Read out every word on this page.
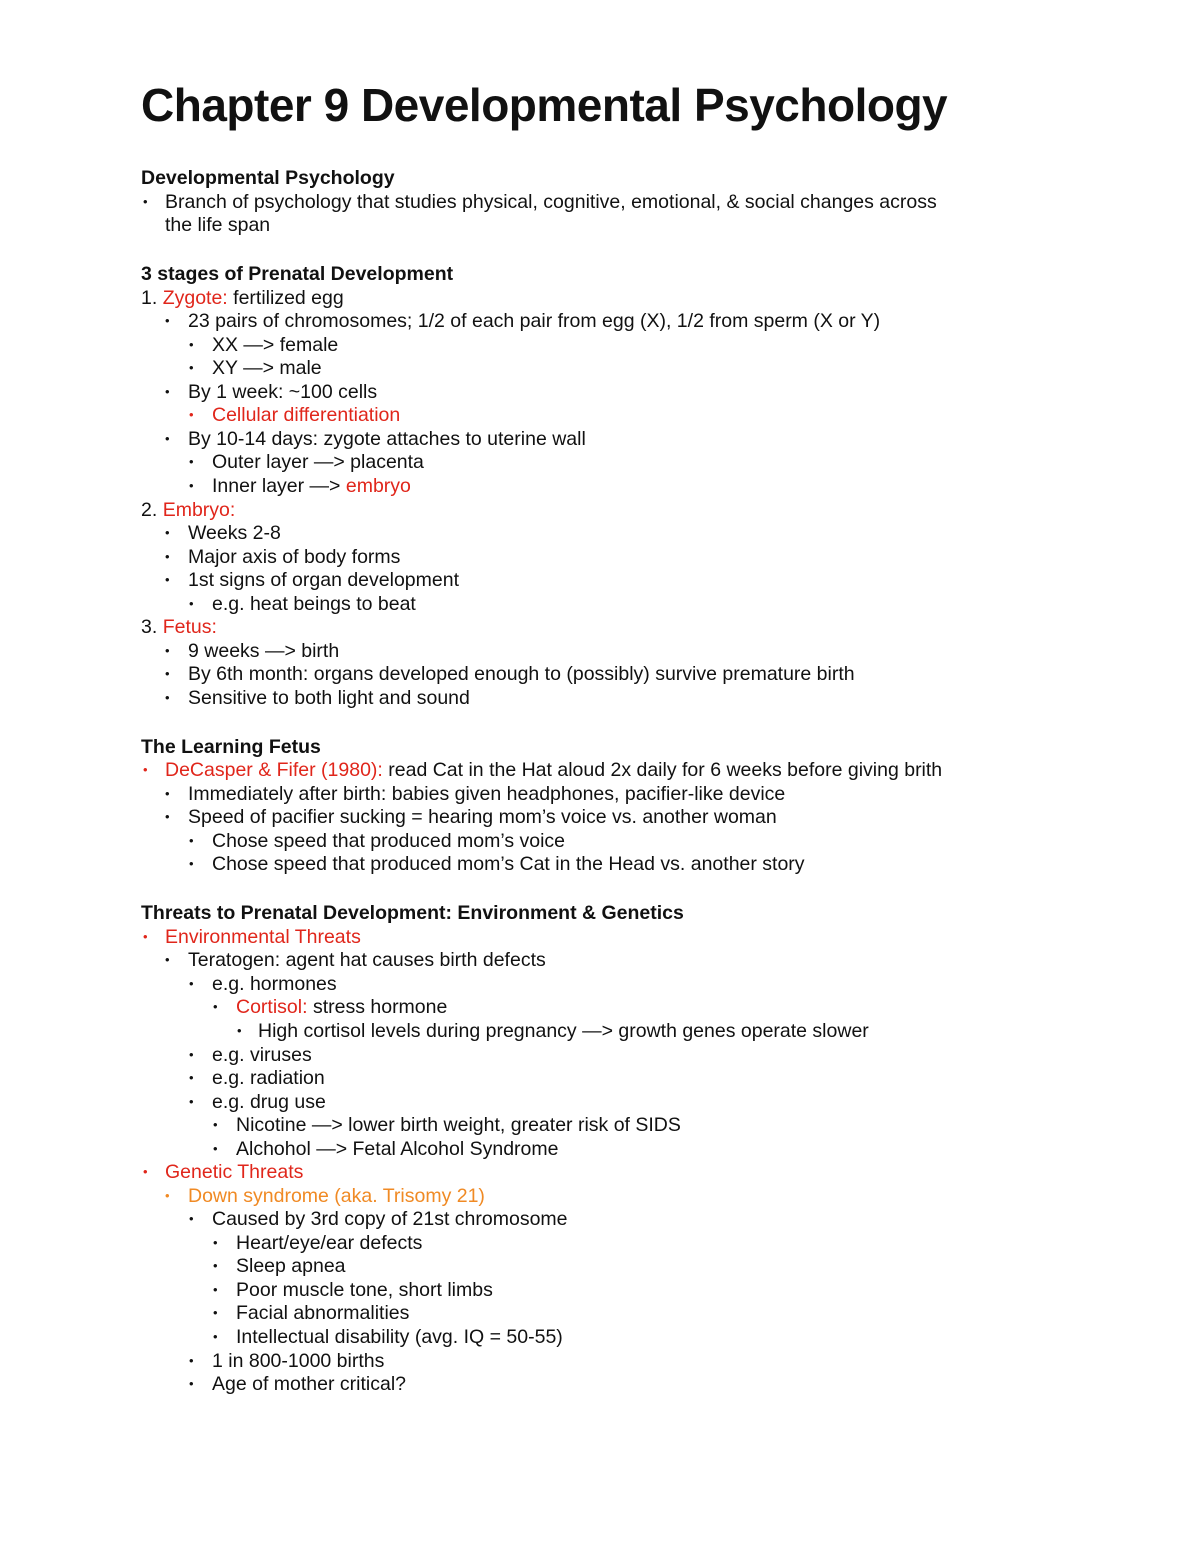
Chapter 9 Developmental Psychology
Developmental Psychology
• Branch of psychology that studies physical, cognitive, emotional, & social changes across
the life span
3 stages of Prenatal Development
1. Zygote: fertilized egg
• 23 pairs of chromosomes; 1/2 of each pair from egg (X), 1/2 from sperm (X or Y)
• XX —> female
• XY —> male
• By 1 week: ~100 cells
• Cellular differentiation
• By 10-14 days: zygote attaches to uterine wall
• Outer layer —> placenta
• Inner layer —> embryo
2. Embryo:
• Weeks 2-8
• Major axis of body forms
• 1st signs of organ development
• e.g. heat beings to beat
3. Fetus:
• 9 weeks —> birth
• By 6th month: organs developed enough to (possibly) survive premature birth
• Sensitive to both light and sound
The Learning Fetus
• DeCasper & Fifer (1980): read Cat in the Hat aloud 2x daily for 6 weeks before giving brith
• Immediately after birth: babies given headphones, pacifier-like device
• Speed of pacifier sucking = hearing mom’s voice vs. another woman
• Chose speed that produced mom’s voice
• Chose speed that produced mom’s Cat in the Head vs. another story
Threats to Prenatal Development: Environment & Genetics
• Environmental Threats
• Teratogen: agent hat causes birth defects
• e.g. hormones
• Cortisol: stress hormone
• High cortisol levels during pregnancy —> growth genes operate slower
• e.g. viruses
• e.g. radiation
• e.g. drug use
• Nicotine —> lower birth weight, greater risk of SIDS
• Alchohol —> Fetal Alcohol Syndrome
• Genetic Threats
• Down syndrome (aka. Trisomy 21)
• Caused by 3rd copy of 21st chromosome
• Heart/eye/ear defects
• Sleep apnea
• Poor muscle tone, short limbs
• Facial abnormalities
• Intellectual disability (avg. IQ = 50-55)
• 1 in 800-1000 births
• Age of mother critical?
